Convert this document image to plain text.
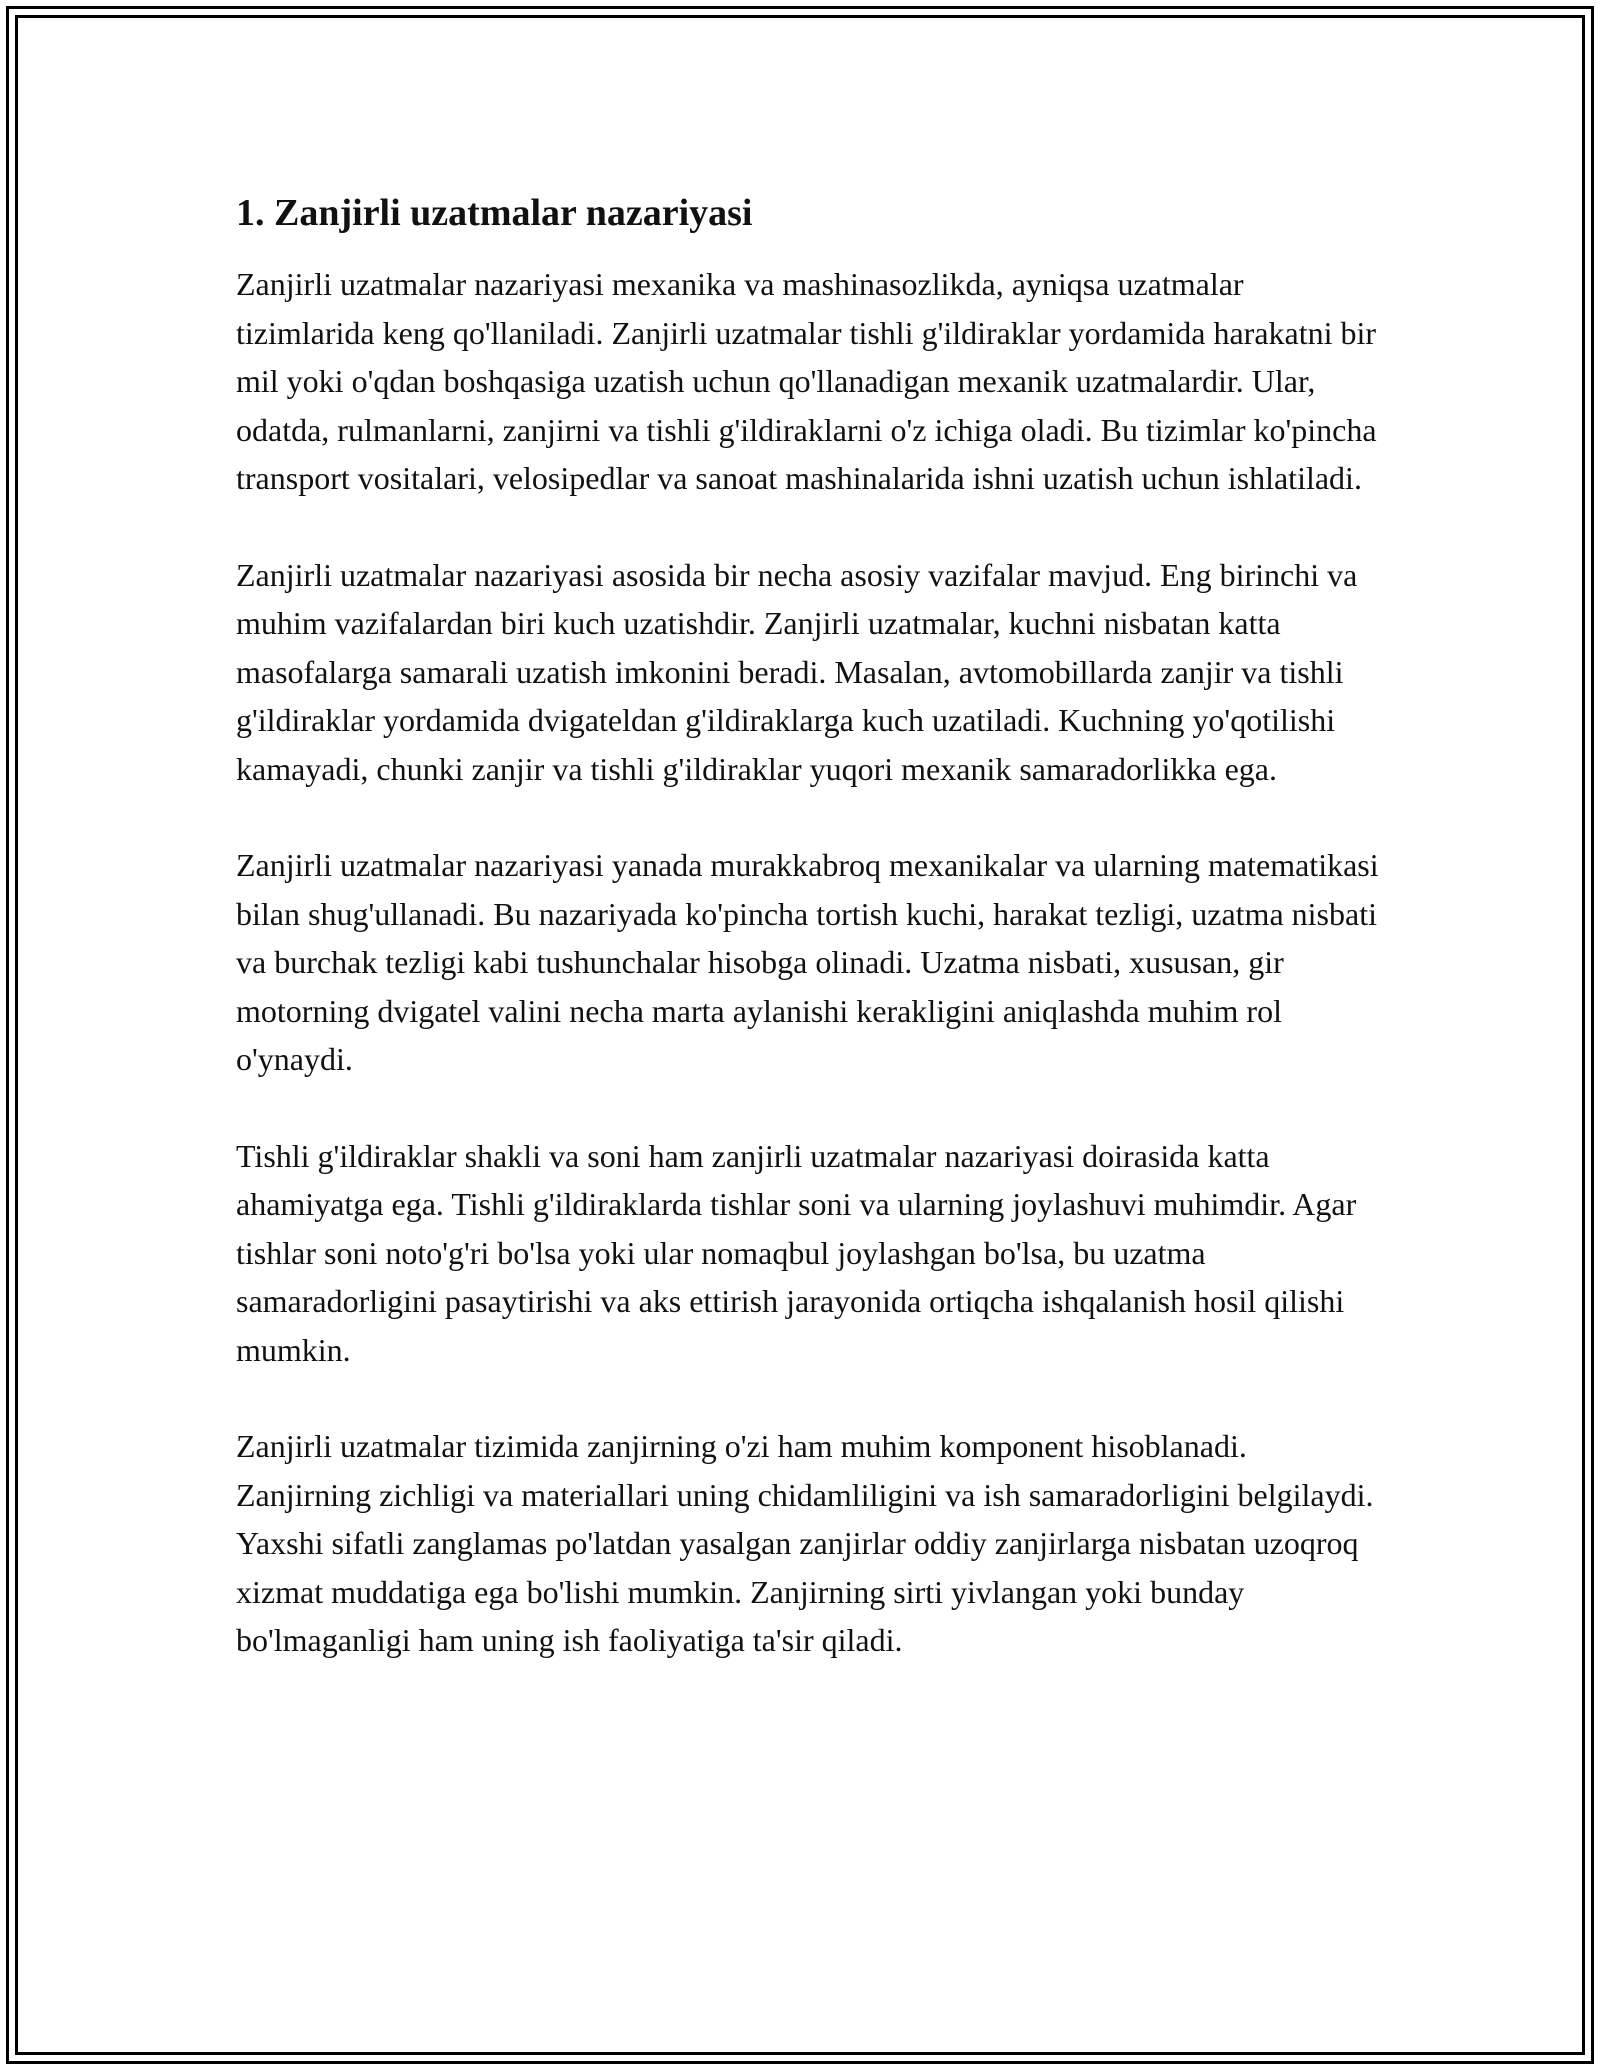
1. Zanjirli uzatmalar nazariyasi

Zanjirli uzatmalar nazariyasi mexanika va mashinasozlikda, ayniqsa uzatmalar tizimlarida keng qo'llaniladi. Zanjirli uzatmalar tishli g'ildiraklar yordamida harakatni bir mil yoki o'qdan boshqasiga uzatish uchun qo'llanadigan mexanik uzatmalardir. Ular, odatda, rulmanlarni, zanjirni va tishli g'ildiraklarni o'z ichiga oladi. Bu tizimlar ko'pincha transport vositalari, velosipedlar va sanoat mashinalarida ishni uzatish uchun ishlatiladi.

Zanjirli uzatmalar nazariyasi asosida bir necha asosiy vazifalar mavjud. Eng birinchi va muhim vazifalardan biri kuch uzatishdir. Zanjirli uzatmalar, kuchni nisbatan katta masofalarga samarali uzatish imkonini beradi. Masalan, avtomobillarda zanjir va tishli g'ildiraklar yordamida dvigateldan g'ildiraklarga kuch uzatiladi. Kuchning yo'qotilishi kamayadi, chunki zanjir va tishli g'ildiraklar yuqori mexanik samaradorlikka ega.

Zanjirli uzatmalar nazariyasi yanada murakkabroq mexanikalar va ularning matematikasi bilan shug'ullanadi. Bu nazariyada ko'pincha tortish kuchi, harakat tezligi, uzatma nisbati va burchak tezligi kabi tushunchalar hisobga olinadi. Uzatma nisbati, xususan, gir motorning dvigatel valini necha marta aylanishi kerakligini aniqlashda muhim rol o'ynaydi.

Tishli g'ildiraklar shakli va soni ham zanjirli uzatmalar nazariyasi doirasida katta ahamiyatga ega. Tishli g'ildiraklarda tishlar soni va ularning joylashuvi muhimdir. Agar tishlar soni noto'g'ri bo'lsa yoki ular nomaqbul joylashgan bo'lsa, bu uzatma samaradorligini pasaytirishi va aks ettirish jarayonida ortiqcha ishqalanish hosil qilishi mumkin.

Zanjirli uzatmalar tizimida zanjirning o'zi ham muhim komponent hisoblanadi. Zanjirning zichligi va materiallari uning chidamliligini va ish samaradorligini belgilaydi. Yaxshi sifatli zanglamas po'latdan yasalgan zanjirlar oddiy zanjirlarga nisbatan uzoqroq xizmat muddatiga ega bo'lishi mumkin. Zanjirning sirti yivlangan yoki bunday bo'lmaganligi ham uning ish faoliyatiga ta'sir qiladi.
